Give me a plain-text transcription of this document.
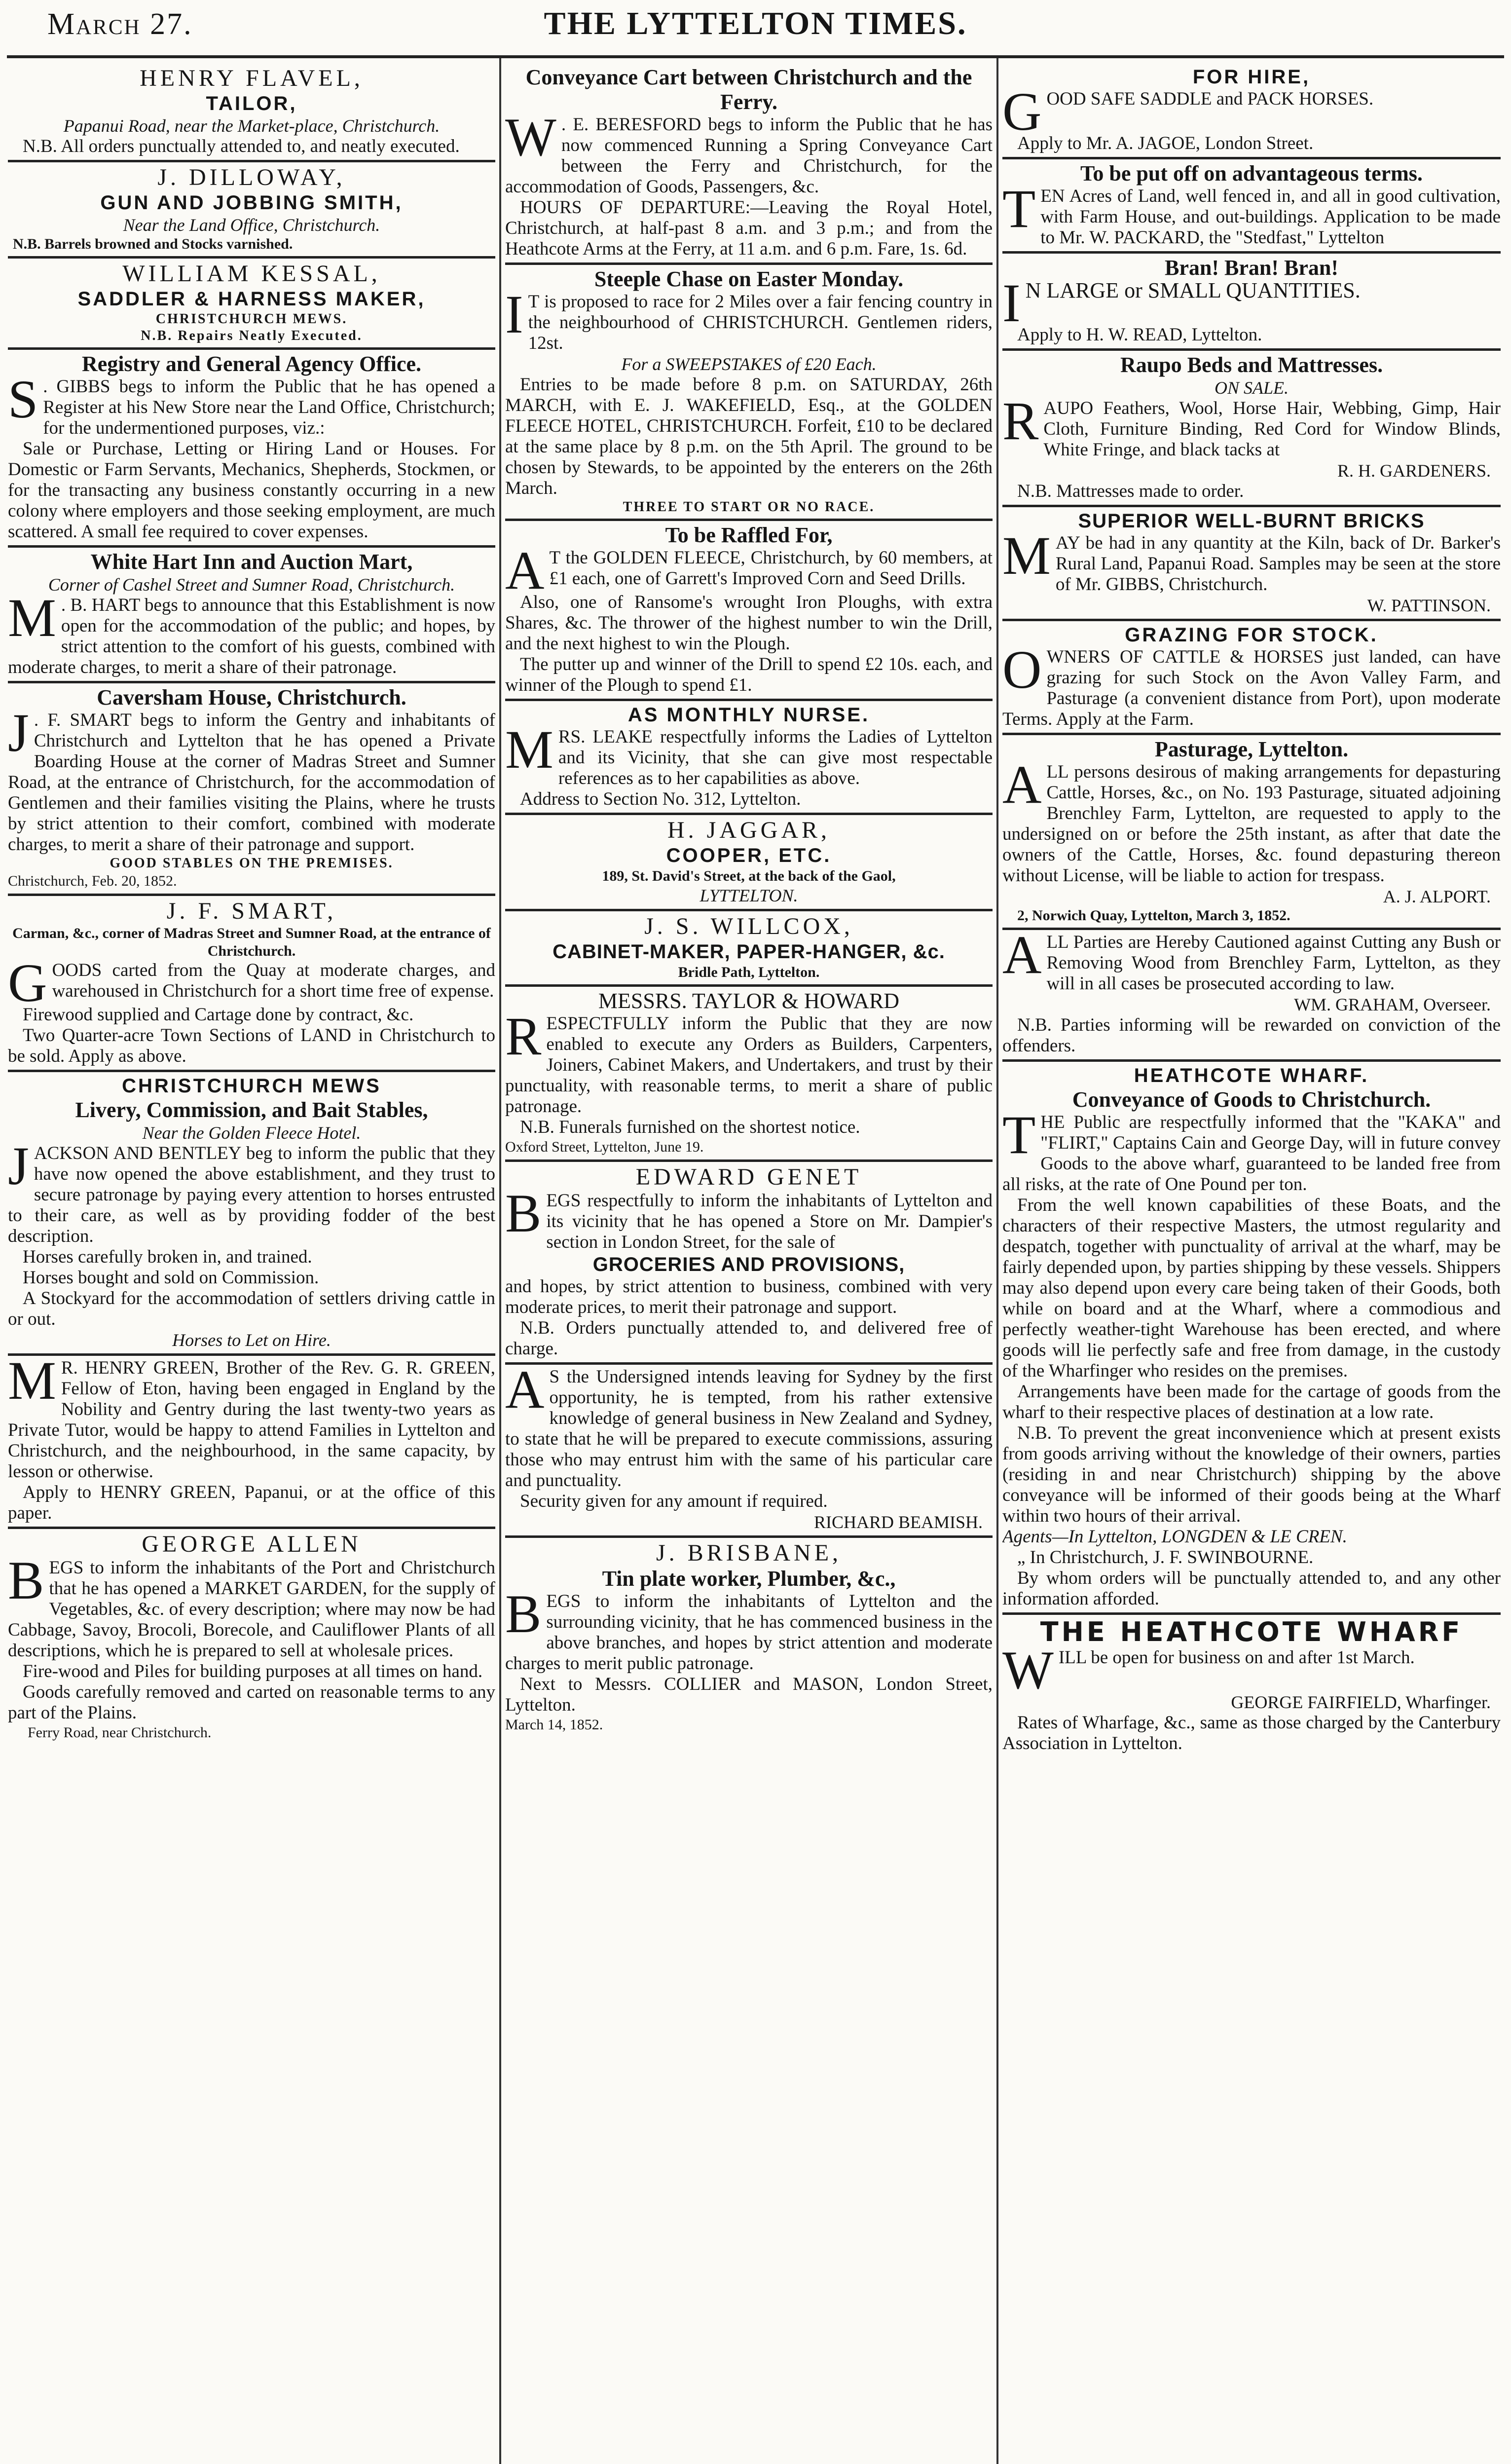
March 27.	THE LYTTELTON TIMES.
HENRY FLAVEL,
TAILOR,
Papanui Road, near the Market-place, Christchurch.

N.B. All orders punctually attended to, and neatly executed.

J. DILLOWAY,
GUN AND JOBBING SMITH,
Near the Land Office, Christchurch.
N.B. Barrels browned and Stocks varnished.
WILLIAM KESSAL,
SADDLER & HARNESS MAKER,
CHRISTCHURCH MEWS.
N.B. Repairs Neatly Executed.
Registry and General Agency Office.
S . GIBBS begs to inform the Public that he has opened a Register at his New Store near the Land Office, Christchurch; for the undermentioned purposes, viz.:

Sale or Purchase, Letting or Hiring Land or Houses. For Domestic or Farm Servants, Mechanics, Shepherds, Stockmen, or for the transacting any business constantly occurring in a new colony where employers and those seeking employment, are much scattered. A small fee required to cover expenses.

White Hart Inn and Auction Mart,
Corner of Cashel Street and Sumner Road, Christchurch.
M . B. HART begs to announce that this Establishment is now open for the accommodation of the public; and hopes, by strict attention to the comfort of his guests, combined with moderate charges, to merit a share of their patronage.

Caversham House, Christchurch.
J . F. SMART begs to inform the Gentry and inhabitants of Christchurch and Lyttelton that he has opened a Private Boarding House at the corner of Madras Street and Sumner Road, at the entrance of Christchurch, for the accommodation of Gentlemen and their families visiting the Plains, where he trusts by strict attention to their comfort, combined with moderate charges, to merit a share of their patronage and support.

GOOD STABLES ON THE PREMISES.
Christchurch, Feb. 20, 1852.
J. F. SMART,
Carman, &c., corner of Madras Street and Sumner Road, at the entrance of Christchurch.
G OODS carted from the Quay at moderate charges, and warehoused in Christchurch for a short time free of expense.

Firewood supplied and Cartage done by contract, &c.

Two Quarter-acre Town Sections of LAND in Christchurch to be sold. Apply as above.

CHRISTCHURCH MEWS
Livery, Commission, and Bait Stables,
Near the Golden Fleece Hotel.
J ACKSON AND BENTLEY beg to inform the public that they have now opened the above establishment, and they trust to secure patronage by paying every attention to horses entrusted to their care, as well as by providing fodder of the best description.

Horses carefully broken in, and trained.

Horses bought and sold on Commission.

A Stockyard for the accommodation of settlers driving cattle in or out.

Horses to Let on Hire.
M R. HENRY GREEN, Brother of the Rev. G. R. GREEN, Fellow of Eton, having been engaged in England by the Nobility and Gentry during the last twenty-two years as Private Tutor, would be happy to attend Families in Lyttelton and Christchurch, and the neighbourhood, in the same capacity, by lesson or otherwise.

Apply to HENRY GREEN, Papanui, or at the office of this paper.

GEORGE ALLEN
B EGS to inform the inhabitants of the Port and Christchurch that he has opened a MARKET GARDEN, for the supply of Vegetables, &c. of every description; where may now be had Cabbage, Savoy, Brocoli, Borecole, and Cauliflower Plants of all descriptions, which he is prepared to sell at wholesale prices.

Fire-wood and Piles for building purposes at all times on hand.

Goods carefully removed and carted on reasonable terms to any part of the Plains.

Ferry Road, near Christchurch.
Conveyance Cart between Christchurch and the Ferry.
W . E. BERESFORD begs to inform the Public that he has now commenced Running a Spring Conveyance Cart between the Ferry and Christchurch, for the accommodation of Goods, Passengers, &c.

HOURS OF DEPARTURE:—Leaving the Royal Hotel, Christchurch, at half-past 8 a.m. and 3 p.m.; and from the Heathcote Arms at the Ferry, at 11 a.m. and 6 p.m. Fare, 1s. 6d.

Steeple Chase on Easter Monday.
I T is proposed to race for 2 Miles over a fair fencing country in the neighbourhood of CHRISTCHURCH. Gentlemen riders, 12st.

For a SWEEPSTAKES of £20 Each.

Entries to be made before 8 p.m. on SATURDAY, 26th MARCH, with E. J. WAKEFIELD, Esq., at the GOLDEN FLEECE HOTEL, CHRISTCHURCH. Forfeit, £10 to be declared at the same place by 8 p.m. on the 5th April. The ground to be chosen by Stewards, to be appointed by the enterers on the 26th March.

THREE TO START OR NO RACE.
To be Raffled For,
A T the GOLDEN FLEECE, Christchurch, by 60 members, at £1 each, one of Garrett's Improved Corn and Seed Drills.

Also, one of Ransome's wrought Iron Ploughs, with extra Shares, &c. The thrower of the highest number to win the Drill, and the next highest to win the Plough.

The putter up and winner of the Drill to spend £2 10s. each, and winner of the Plough to spend £1.

AS MONTHLY NURSE.
M RS. LEAKE respectfully informs the Ladies of Lyttelton and its Vicinity, that she can give most respectable references as to her capabilities as above.

Address to Section No. 312, Lyttelton.

H. JAGGAR,
COOPER, ETC.
189, St. David's Street, at the back of the Gaol,
LYTTELTON.
J. S. WILLCOX,
CABINET-MAKER, PAPER-HANGER, &c.
Bridle Path, Lyttelton.
MESSRS. TAYLOR & HOWARD
R ESPECTFULLY inform the Public that they are now enabled to execute any Orders as Builders, Carpenters, Joiners, Cabinet Makers, and Undertakers, and trust by their punctuality, with reasonable terms, to merit a share of public patronage.

N.B. Funerals furnished on the shortest notice.

Oxford Street, Lyttelton, June 19.
EDWARD GENET
B EGS respectfully to inform the inhabitants of Lyttelton and its vicinity that he has opened a Store on Mr. Dampier's section in London Street, for the sale of

GROCERIES AND PROVISIONS,

and hopes, by strict attention to business, combined with very moderate prices, to merit their patronage and support.

N.B. Orders punctually attended to, and delivered free of charge.

A S the Undersigned intends leaving for Sydney by the first opportunity, he is tempted, from his rather extensive knowledge of general business in New Zealand and Sydney, to state that he will be prepared to execute commissions, assuring those who may entrust him with the same of his particular care and punctuality.

Security given for any amount if required.

RICHARD BEAMISH.
J. BRISBANE,
Tin plate worker, Plumber, &c.,
B EGS to inform the inhabitants of Lyttelton and the surrounding vicinity, that he has commenced business in the above branches, and hopes by strict attention and moderate charges to merit public patronage.

Next to Messrs. COLLIER and MASON, London Street, Lyttelton.

March 14, 1852.
FOR HIRE,
G OOD SAFE SADDLE and PACK HORSES.

Apply to Mr. A. JAGOE, London Street.

To be put off on advantageous terms.
T EN Acres of Land, well fenced in, and all in good cultivation, with Farm House, and out-buildings. Application to be made to Mr. W. PACKARD, the "Stedfast," Lyttelton

Bran! Bran! Bran!
I N LARGE or SMALL QUANTITIES.

Apply to H. W. READ, Lyttelton.

Raupo Beds and Mattresses.
ON SALE.
R AUPO Feathers, Wool, Horse Hair, Webbing, Gimp, Hair Cloth, Furniture Binding, Red Cord for Window Blinds, White Fringe, and black tacks at

R. H. GARDENERS.

N.B. Mattresses made to order.

SUPERIOR WELL-BURNT BRICKS
M AY be had in any quantity at the Kiln, back of Dr. Barker's Rural Land, Papanui Road. Samples may be seen at the store of Mr. GIBBS, Christchurch.

W. PATTINSON.
GRAZING FOR STOCK.
O WNERS OF CATTLE & HORSES just landed, can have grazing for such Stock on the Avon Valley Farm, and Pasturage (a convenient distance from Port), upon moderate Terms. Apply at the Farm.

Pasturage, Lyttelton.
A LL persons desirous of making arrangements for depasturing Cattle, Horses, &c., on No. 193 Pasturage, situated adjoining Brenchley Farm, Lyttelton, are requested to apply to the undersigned on or before the 25th instant, as after that date the owners of the Cattle, Horses, &c. found depasturing thereon without License, will be liable to action for trespass.

A. J. ALPORT.
2, Norwich Quay, Lyttelton, March 3, 1852.
A LL Parties are Hereby Cautioned against Cutting any Bush or Removing Wood from Brenchley Farm, Lyttelton, as they will in all cases be prosecuted according to law.

WM. GRAHAM, Overseer.

N.B. Parties informing will be rewarded on conviction of the offenders.

HEATHCOTE WHARF.
Conveyance of Goods to Christchurch.
T HE Public are respectfully informed that the "KAKA" and "FLIRT," Captains Cain and George Day, will in future convey Goods to the above wharf, guaranteed to be landed free from all risks, at the rate of One Pound per ton.

From the well known capabilities of these Boats, and the characters of their respective Masters, the utmost regularity and despatch, together with punctuality of arrival at the wharf, may be fairly depended upon, by parties shipping by these vessels. Shippers may also depend upon every care being taken of their Goods, both while on board and at the Wharf, where a commodious and perfectly weather-tight Warehouse has been erected, and where goods will lie perfectly safe and free from damage, in the custody of the Wharfinger who resides on the premises.

Arrangements have been made for the cartage of goods from the wharf to their respective places of destination at a low rate.

N.B. To prevent the great inconvenience which at present exists from goods arriving without the knowledge of their owners, parties (residing in and near Christchurch) shipping by the above conveyance will be informed of their goods being at the Wharf within two hours of their arrival.

Agents—In Lyttelton, LONGDEN & LE CREN.

„ In Christchurch, J. F. SWINBOURNE.

By whom orders will be punctually attended to, and any other information afforded.

THE HEATHCOTE WHARF
W ILL be open for business on and after 1st March.

GEORGE FAIRFIELD, Wharfinger.

Rates of Wharfage, &c., same as those charged by the Canterbury Association in Lyttelton.
